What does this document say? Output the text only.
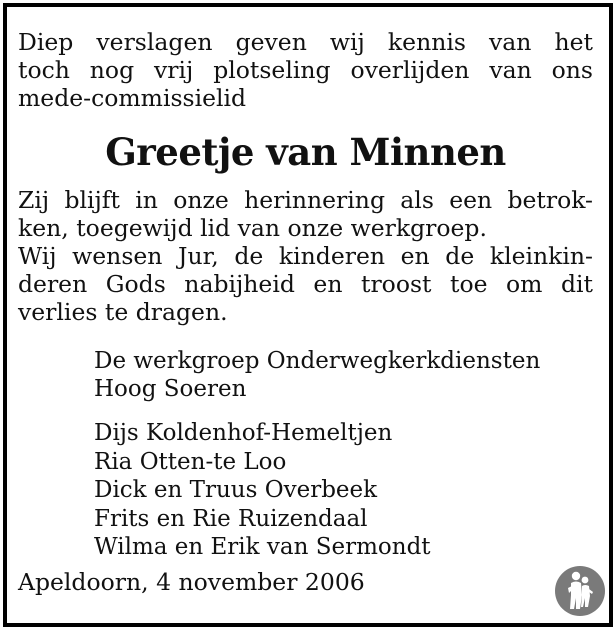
Diep verslagen geven wij kennis van het
toch nog vrij plotseling overlijden van ons
mede-commissielid
Greetje van Minnen
Zij blijft in onze herinnering als een betrok-
ken, toegewijd lid van onze werkgroep.
Wij wensen Jur, de kinderen en de kleinkin-
deren Gods nabijheid en troost toe om dit
verlies te dragen.
De werkgroep Onderwegkerkdiensten
Hoog Soeren
Dijs Koldenhof-Hemeltjen
Ria Otten-te Loo
Dick en Truus Overbeek
Frits en Rie Ruizendaal
Wilma en Erik van Sermondt
Apeldoorn, 4 november 2006
